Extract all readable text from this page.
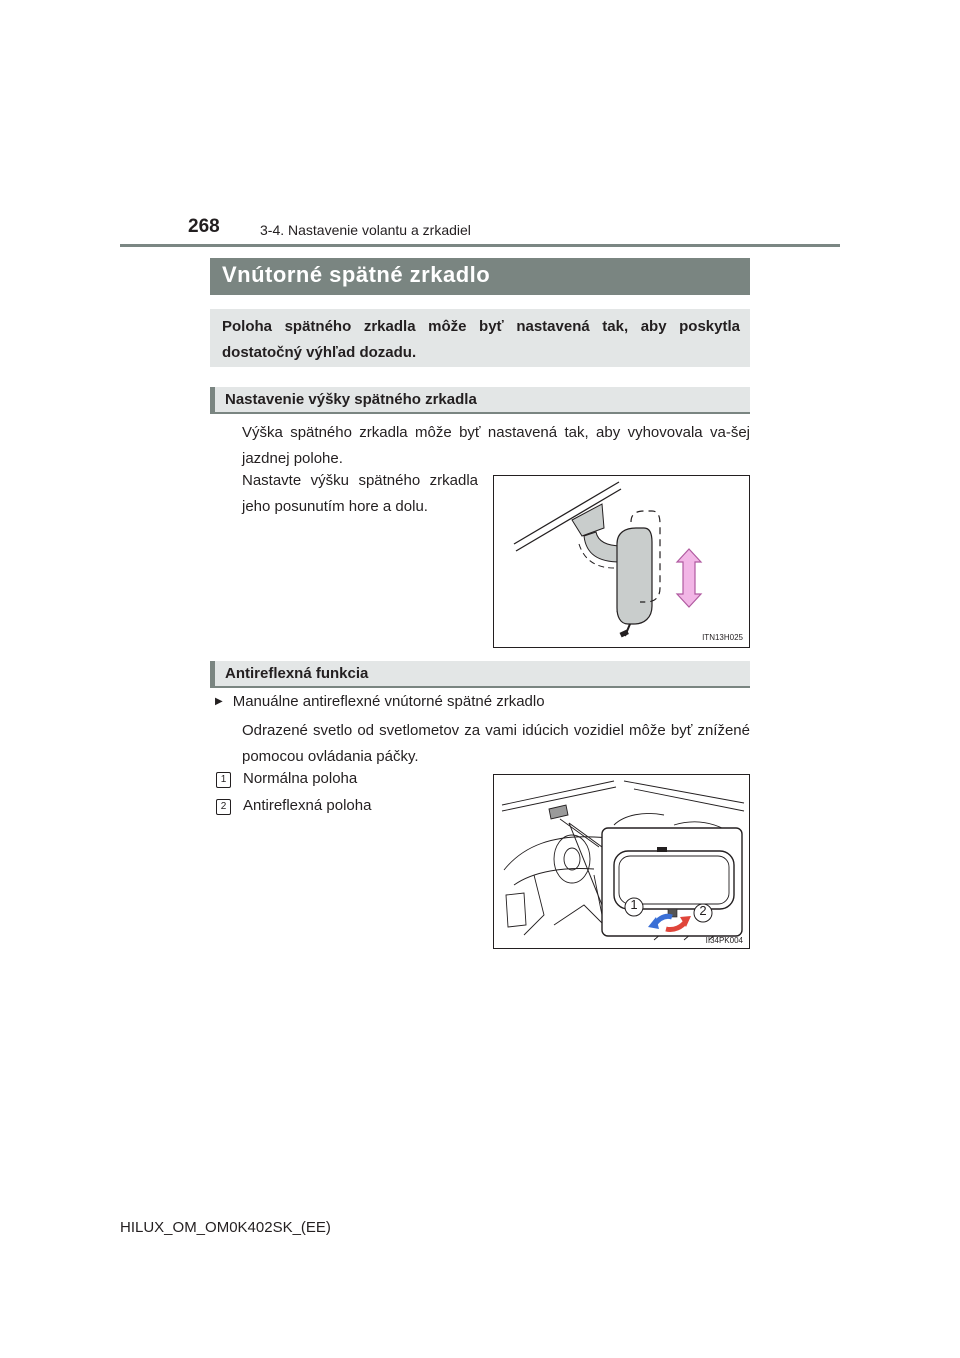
268	3-4. Nastavenie volantu a zrkadiel
Vnútorné spätné zrkadlo
Poloha spätného zrkadla môže byť nastavená tak, aby poskytla dostatočný výhľad dozadu.
Nastavenie výšky spätného zrkadla
Výška spätného zrkadla môže byť nastavená tak, aby vyhovovala va-šej jazdnej polohe.
Nastavte výšku spätného zrkadla jeho posunutím hore a dolu.
ITN13H025
Antireflexná funkcia
▶ Manuálne antireflexné vnútorné spätné zrkadlo
Odrazené svetlo od svetlometov za vami idúcich vozidiel môže byť znížené pomocou ovládania páčky.
1	Normálna poloha
2	Antireflexná poloha
1	2
II34PK004
HILUX_OM_OM0K402SK_(EE)
